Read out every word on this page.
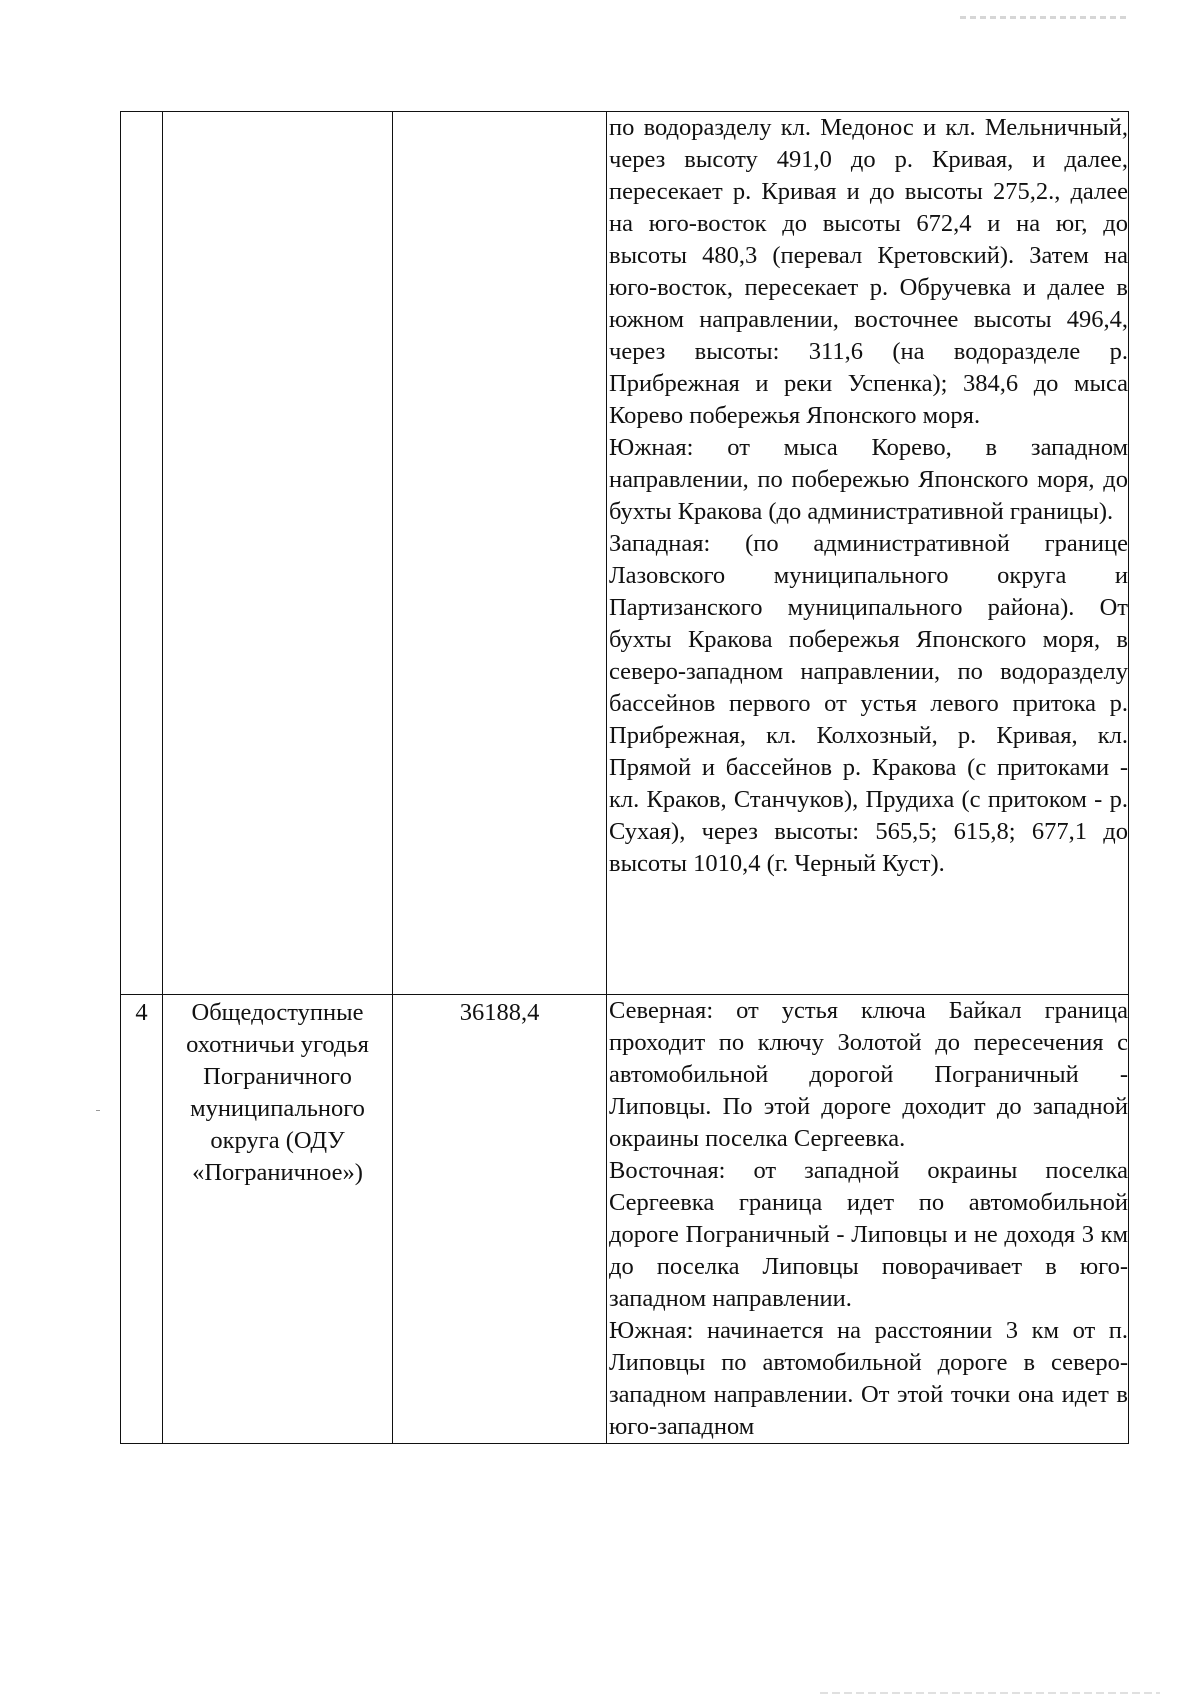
			по водоразделу кл. Медонос и кл. Мельничный, через высоту 491,0 до р. Кривая, и далее, пересекает р. Кривая и до высоты 275,2., далее на юго-восток до высоты 672,4 и на юг, до высоты 480,3 (перевал Кретовский). Затем на юго-восток, пересекает р. Обручевка и далее в южном направлении, восточнее высоты 496,4, через высоты: 311,6 (на водоразделе р. Прибрежная и реки Успенка); 384,6 до мыса Корево побережья Японского моря.

Южная: от мыса Корево, в западном направлении, по побережью Японского моря, до бухты Кракова (до административной границы).

Западная: (по административной границе Лазовского муниципального округа и Партизанского муниципального района). От бухты Кракова побережья Японского моря, в северо-западном направлении, по водоразделу бассейнов первого от устья левого притока р. Прибрежная, кл. Колхозный, р. Кривая, кл. Прямой и бассейнов р. Кракова (с притоками - кл. Краков, Станчуков), Прудиха (с притоком - р. Сухая), через высоты: 565,5; 615,8; 677,1 до высоты 1010,4 (г. Черный Куст).

4	Общедоступные охотничьи угодья Пограничного муниципального округа (ОДУ «Пограничное»)	36188,4	Северная: от устья ключа Байкал граница проходит по ключу Золотой до пересечения с автомобильной дорогой Пограничный - Липовцы. По этой дороге доходит до западной окраины поселка Сергеевка.

Восточная: от западной окраины поселка Сергеевка граница идет по автомобильной дороге Пограничный - Липовцы и не доходя 3 км до поселка Липовцы поворачивает в юго-западном направлении.

Южная: начинается на расстоянии 3 км от п. Липовцы по автомобильной дороге в северо-западном направлении. От этой точки она идет в юго-западном
